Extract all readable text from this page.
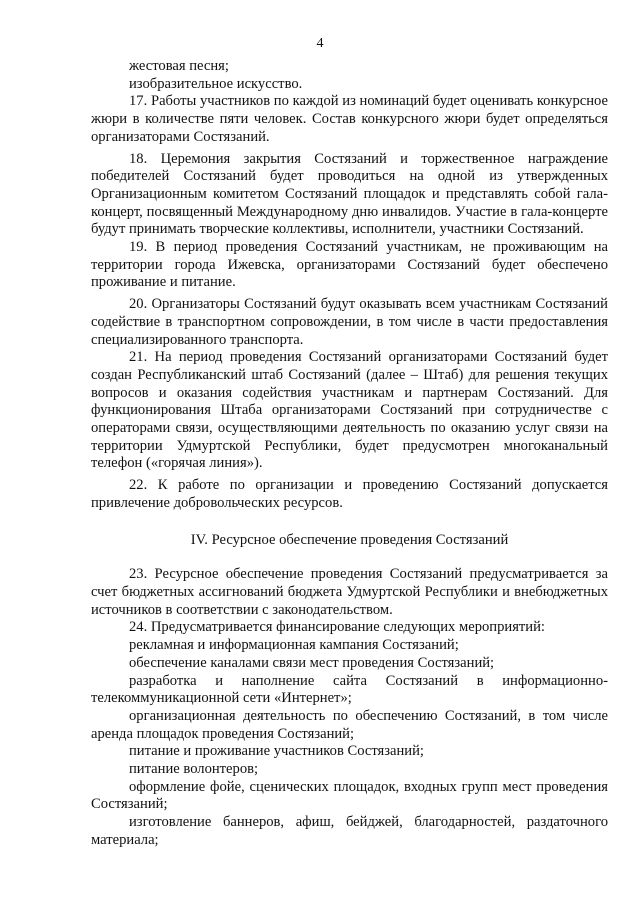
4

жестовая песня;

изобразительное искусство.

17. Работы участников по каждой из номинаций будет оценивать конкурсное жюри в количестве пяти человек. Состав конкурсного жюри будет определяться организаторами Состязаний.

18. Церемония закрытия Состязаний и торжественное награждение победителей Состязаний будет проводиться на одной из утвержденных Организационным комитетом Состязаний площадок и представлять собой гала-концерт, посвященный Международному дню инвалидов. Участие в гала-концерте будут принимать творческие коллективы, исполнители, участники Состязаний.

19. В период проведения Состязаний участникам, не проживающим на территории города Ижевска, организаторами Состязаний будет обеспечено проживание и питание.

20. Организаторы Состязаний будут оказывать всем участникам Состязаний содействие в транспортном сопровождении, в том числе в части предоставления специализированного транспорта.

21. На период проведения Состязаний организаторами Состязаний будет создан Республиканский штаб Состязаний (далее – Штаб) для решения текущих вопросов и оказания содействия участникам и партнерам Состязаний. Для функционирования Штаба организаторами Состязаний при сотрудничестве с операторами связи, осуществляющими деятельность по оказанию услуг связи на территории Удмуртской Республики, будет предусмотрен многоканальный телефон («горячая линия»).

22. К работе по организации и проведению Состязаний допускается привлечение добровольческих ресурсов.

IV. Ресурсное обеспечение проведения Состязаний

23. Ресурсное обеспечение проведения Состязаний предусматривается за счет бюджетных ассигнований бюджета Удмуртской Республики и внебюджетных источников в соответствии с законодательством.

24. Предусматривается финансирование следующих мероприятий:

рекламная и информационная кампания Состязаний;

обеспечение каналами связи мест проведения Состязаний;

разработка и наполнение сайта Состязаний в информационно-телекоммуникационной сети «Интернет»;

организационная деятельность по обеспечению Состязаний, в том числе аренда площадок проведения Состязаний;

питание и проживание участников Состязаний;

питание волонтеров;

оформление фойе, сценических площадок, входных групп мест проведения Состязаний;

изготовление баннеров, афиш, бейджей, благодарностей, раздаточного материала;
